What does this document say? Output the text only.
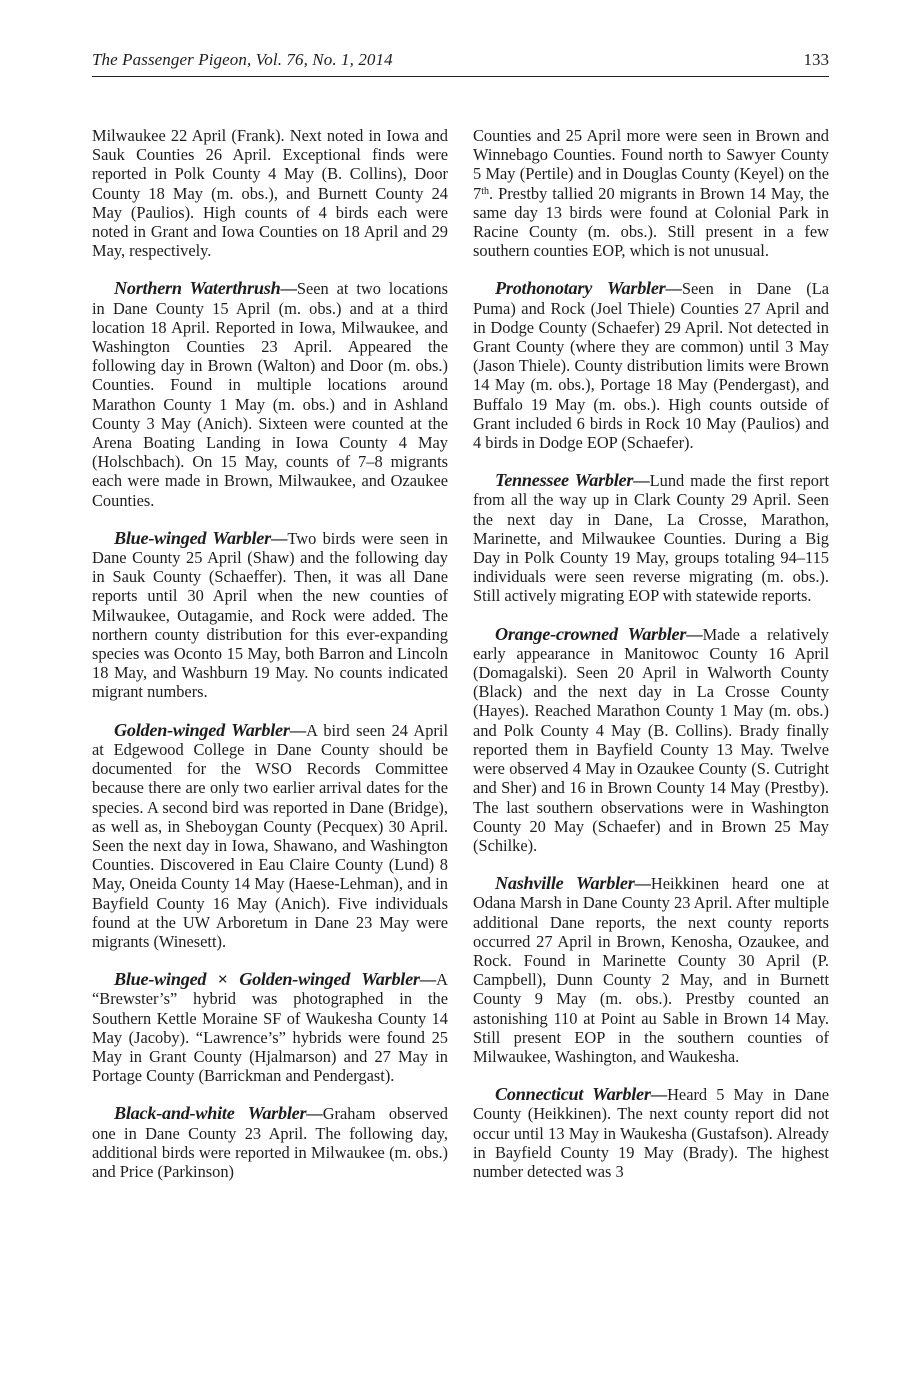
The Passenger Pigeon, Vol. 76, No. 1, 2014	133

Milwaukee 22 April (Frank). Next noted in Iowa and Sauk Counties 26 April. Exceptional finds were reported in Polk County 4 May (B. Collins), Door County 18 May (m. obs.), and Burnett County 24 May (Paulios). High counts of 4 birds each were noted in Grant and Iowa Counties on 18 April and 29 May, respectively.

Northern Waterthrush—Seen at two locations in Dane County 15 April (m. obs.) and at a third location 18 April. Reported in Iowa, Milwaukee, and Washington Counties 23 April. Appeared the following day in Brown (Walton) and Door (m. obs.) Counties. Found in multiple locations around Marathon County 1 May (m. obs.) and in Ashland County 3 May (Anich). Sixteen were counted at the Arena Boating Landing in Iowa County 4 May (Holschbach). On 15 May, counts of 7–8 migrants each were made in Brown, Milwaukee, and Ozaukee Counties.

Blue-winged Warbler—Two birds were seen in Dane County 25 April (Shaw) and the following day in Sauk County (Schaeffer). Then, it was all Dane reports until 30 April when the new counties of Milwaukee, Outagamie, and Rock were added. The northern county distribution for this ever-expanding species was Oconto 15 May, both Barron and Lincoln 18 May, and Washburn 19 May. No counts indicated migrant numbers.

Golden-winged Warbler—A bird seen 24 April at Edgewood College in Dane County should be documented for the WSO Records Committee because there are only two earlier arrival dates for the species. A second bird was reported in Dane (Bridge), as well as, in Sheboygan County (Pecquex) 30 April. Seen the next day in Iowa, Shawano, and Washington Counties. Discovered in Eau Claire County (Lund) 8 May, Oneida County 14 May (Haese-Lehman), and in Bayfield County 16 May (Anich). Five individuals found at the UW Arboretum in Dane 23 May were migrants (Winesett).

Blue-winged × Golden-winged Warbler—A “Brewster’s” hybrid was photographed in the Southern Kettle Moraine SF of Waukesha County 14 May (Jacoby). “Lawrence’s” hybrids were found 25 May in Grant County (Hjalmarson) and 27 May in Portage County (Barrickman and Pendergast).

Black-and-white Warbler—Graham observed one in Dane County 23 April. The following day, additional birds were reported in Milwaukee (m. obs.) and Price (Parkinson)

Counties and 25 April more were seen in Brown and Winnebago Counties. Found north to Sawyer County 5 May (Pertile) and in Douglas County (Keyel) on the 7th. Prestby tallied 20 migrants in Brown 14 May, the same day 13 birds were found at Colonial Park in Racine County (m. obs.). Still present in a few southern counties EOP, which is not unusual.

Prothonotary Warbler—Seen in Dane (La Puma) and Rock (Joel Thiele) Counties 27 April and in Dodge County (Schaefer) 29 April. Not detected in Grant County (where they are common) until 3 May (Jason Thiele). County distribution limits were Brown 14 May (m. obs.), Portage 18 May (Pendergast), and Buffalo 19 May (m. obs.). High counts outside of Grant included 6 birds in Rock 10 May (Paulios) and 4 birds in Dodge EOP (Schaefer).

Tennessee Warbler—Lund made the first report from all the way up in Clark County 29 April. Seen the next day in Dane, La Crosse, Marathon, Marinette, and Milwaukee Counties. During a Big Day in Polk County 19 May, groups totaling 94–115 individuals were seen reverse migrating (m. obs.). Still actively migrating EOP with statewide reports.

Orange-crowned Warbler—Made a relatively early appearance in Manitowoc County 16 April (Domagalski). Seen 20 April in Walworth County (Black) and the next day in La Crosse County (Hayes). Reached Marathon County 1 May (m. obs.) and Polk County 4 May (B. Collins). Brady finally reported them in Bayfield County 13 May. Twelve were observed 4 May in Ozaukee County (S. Cutright and Sher) and 16 in Brown County 14 May (Prestby). The last southern observations were in Washington County 20 May (Schaefer) and in Brown 25 May (Schilke).

Nashville Warbler—Heikkinen heard one at Odana Marsh in Dane County 23 April. After multiple additional Dane reports, the next county reports occurred 27 April in Brown, Kenosha, Ozaukee, and Rock. Found in Marinette County 30 April (P. Campbell), Dunn County 2 May, and in Burnett County 9 May (m. obs.). Prestby counted an astonishing 110 at Point au Sable in Brown 14 May. Still present EOP in the southern counties of Milwaukee, Washington, and Waukesha.

Connecticut Warbler—Heard 5 May in Dane County (Heikkinen). The next county report did not occur until 13 May in Waukesha (Gustafson). Already in Bayfield County 19 May (Brady). The highest number detected was 3
